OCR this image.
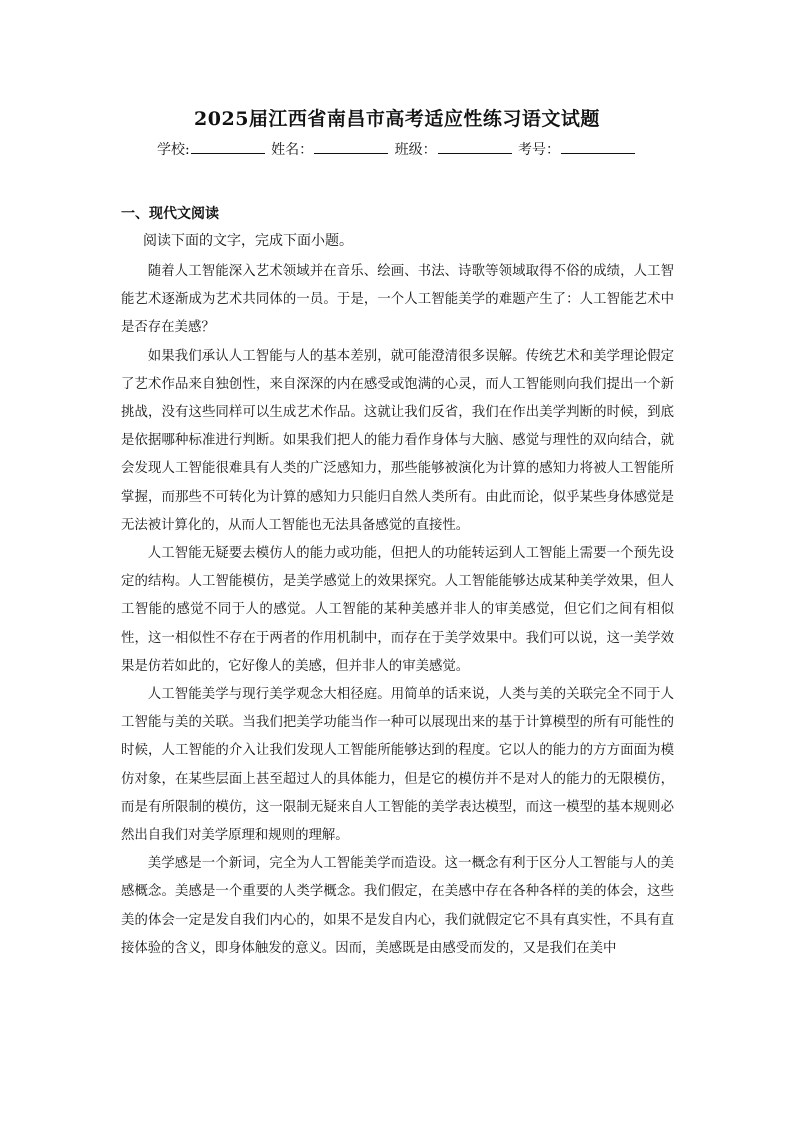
2025届江西省南昌市高考适应性练习语文试题
学校:	姓名：	班级：	考号：
一、现代文阅读
阅读下面的文字，完成下面小题。

随着人工智能深入艺术领域并在音乐、绘画、书法、诗歌等领域取得不俗的成绩，人工智能艺术逐渐成为艺术共同体的一员。于是，一个人工智能美学的难题产生了：人工智能艺术中是否存在美感？

如果我们承认人工智能与人的基本差别，就可能澄清很多误解。传统艺术和美学理论假定了艺术作品来自独创性，来自深深的内在感受或饱满的心灵，而人工智能则向我们提出一个新挑战，没有这些同样可以生成艺术作品。这就让我们反省，我们在作出美学判断的时候，到底是依据哪种标准进行判断。如果我们把人的能力看作身体与大脑、感觉与理性的双向结合，就会发现人工智能很难具有人类的广泛感知力，那些能够被演化为计算的感知力将被人工智能所掌握，而那些不可转化为计算的感知力只能归自然人类所有。由此而论，似乎某些身体感觉是无法被计算化的，从而人工智能也无法具备感觉的直接性。

人工智能无疑要去模仿人的能力或功能，但把人的功能转运到人工智能上需要一个预先设定的结构。人工智能模仿，是美学感觉上的效果探究。人工智能能够达成某种美学效果，但人工智能的感觉不同于人的感觉。人工智能的某种美感并非人的审美感觉，但它们之间有相似性，这一相似性不存在于两者的作用机制中，而存在于美学效果中。我们可以说，这一美学效果是仿若如此的，它好像人的美感，但并非人的审美感觉。

人工智能美学与现行美学观念大相径庭。用简单的话来说，人类与美的关联完全不同于人工智能与美的关联。当我们把美学功能当作一种可以展现出来的基于计算模型的所有可能性的时候，人工智能的介入让我们发现人工智能所能够达到的程度。它以人的能力的方方面面为模仿对象，在某些层面上甚至超过人的具体能力，但是它的模仿并不是对人的能力的无限模仿，而是有所限制的模仿，这一限制无疑来自人工智能的美学表达模型，而这一模型的基本规则必然出自我们对美学原理和规则的理解。

美学感是一个新词，完全为人工智能美学而造设。这一概念有利于区分人工智能与人的美感概念。美感是一个重要的人类学概念。我们假定，在美感中存在各种各样的美的体会，这些美的体会一定是发自我们内心的，如果不是发自内心，我们就假定它不具有真实性，不具有直接体验的含义，即身体触发的意义。因而，美感既是由感受而发的，又是我们在美中
